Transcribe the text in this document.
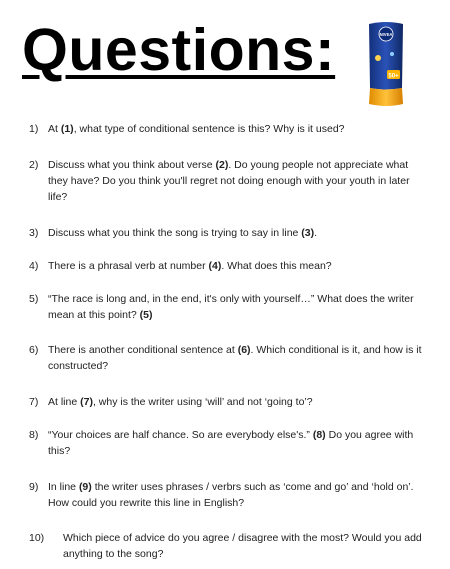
Questions:	NIVEA
50+
1) At (1), what type of conditional sentence is this? Why is it used?
2) Discuss what you think about verse (2). Do young people not appreciate what they have? Do you think you'll regret not doing enough with your youth in later life?
3) Discuss what you think the song is trying to say in line (3).
4) There is a phrasal verb at number (4). What does this mean?
5) “The race is long and, in the end, it's only with yourself…” What does the writer mean at this point? (5)
6) There is another conditional sentence at (6). Which conditional is it, and how is it constructed?
7) At line (7), why is the writer using ‘will’ and not ‘going to’?
8) “Your choices are half chance. So are everybody else's.” (8) Do you agree with this?
9) In line (9) the writer uses phrases / verbrs such as ‘come and go’ and ‘hold on’. How could you rewrite this line in English?
10) Which piece of advice do you agree / disagree with the most? Would you add anything to the song?
